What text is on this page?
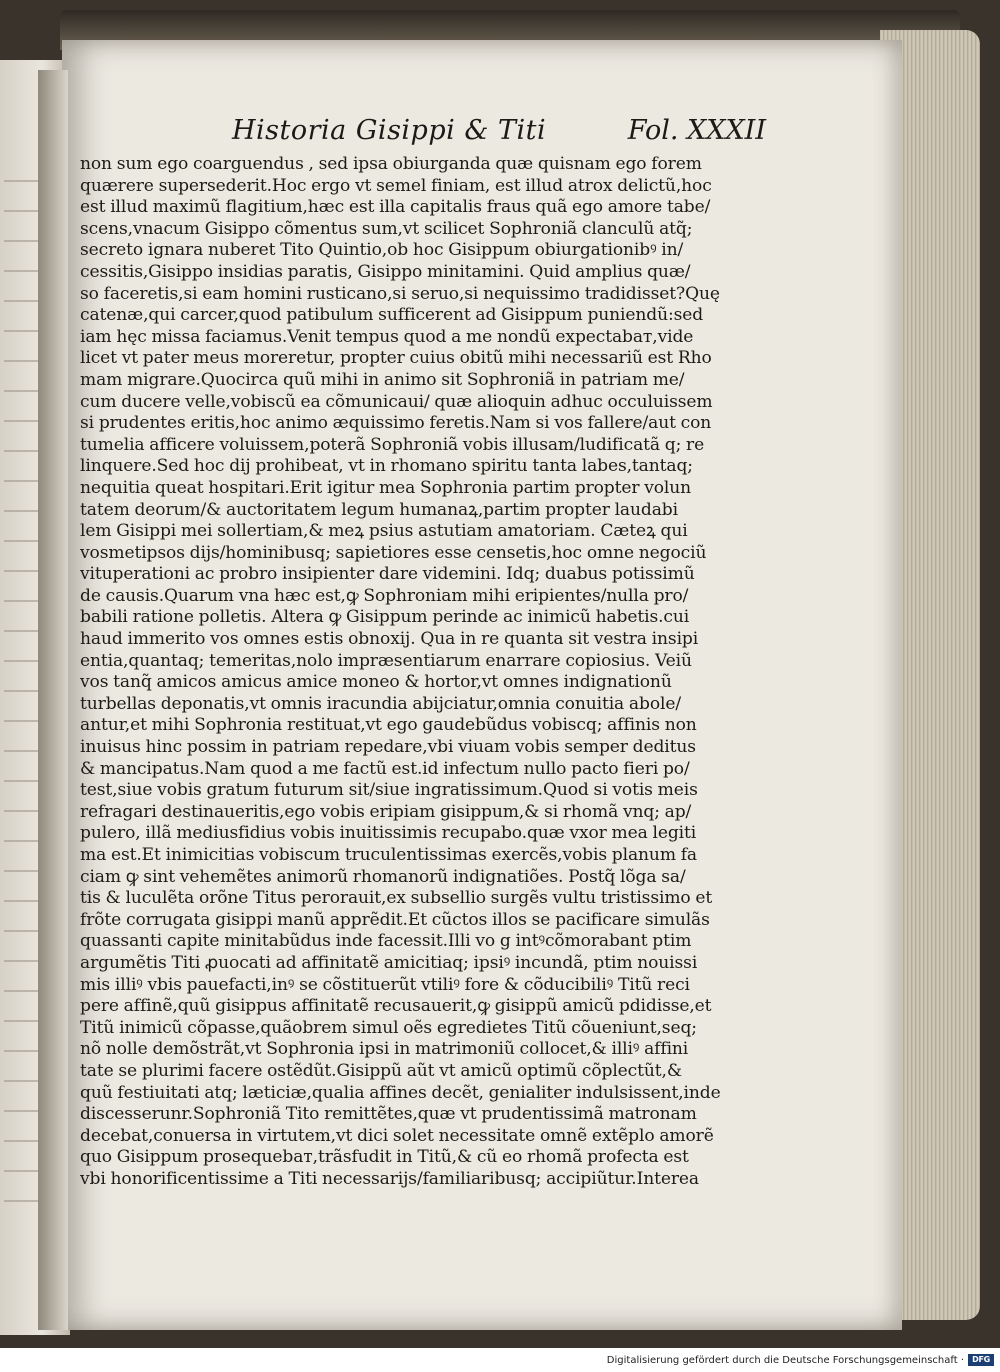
Historia Gisippi & Titi	Fol. XXXII
non sum ego coarguendus , sed ipsa obiurganda quæ quisnam ego forem
quærere supersederit.Hoc ergo vt semel finiam, est illud atrox delictũ,hoc
est illud maximũ flagitium,hæc est illa capitalis fraus quã ego amore tabe/
scens,vnacum Gisippo cõmentus sum,vt scilicet Sophroniã clanculũ atq̃;
secreto ignara nuberet Tito Quintio,ob hoc Gisippum obiurgationibꝰ in/
cessitis,Gisippo insidias paratis, Gisippo minitamini. Quid amplius quæ/
so faceretis,si eam homini rusticano,si seruo,si nequissimo tradidisset?Quę
catenæ,qui carcer,quod patibulum sufficerent ad Gisippum puniendũ:sed
iam hęc missa faciamus.Venit tempus quod a me nondũ expectabaт,vide
licet vt pater meus moreretur, propter cuius obitũ mihi necessariũ est Rho
mam migrare.Quocirca quũ mihi in animo sit Sophroniã in patriam me/
cum ducere velle,vobiscũ ea cõmunicaui/ quæ alioquin adhuc occuluissem
si prudentes eritis,hoc animo æquissimo feretis.Nam si vos fallere/aut con
tumelia afficere voluissem,poterã Sophroniã vobis illusam/ludificatã q; re
linquere.Sed hoc dij prohibeat, vt in rhomano spiritu tanta labes,tantaq;
nequitia queat hospitari.Erit igitur mea Sophronia partim propter volun
tatem deorum/& auctoritatem legum humanaꝝ,partim propter laudabi
lem Gisippi mei sollertiam,& meꝝ psius astutiam amatoriam. Cæteꝝ qui
vosmetipsos dijs/hominibusq; sapietiores esse censetis,hoc omne negociũ
vituperationi ac probro insipienter dare videmini. Idq; duabus potissimũ
de causis.Quarum vna hæc est,ꝙ Sophroniam mihi eripientes/nulla pro/
babili ratione polletis. Altera ꝙ Gisippum perinde ac inimicũ habetis.cui
haud immerito vos omnes estis obnoxij. Qua in re quanta sit vestra insipi
entia,quantaq; temeritas,nolo impræsentiarum enarrare copiosius. Veiũ
vos tanq̃ amicos amicus amice moneo & hortor,vt omnes indignationũ
turbellas deponatis,vt omnis iracundia abijciatur,omnia conuitia abole/
antur,et mihi Sophronia restituat,vt ego gaudebũdus vobiscq; affinis non
inuisus hinc possim in patriam repedare,vbi viuam vobis semper deditus
& mancipatus.Nam quod a me factũ est.id infectum nullo pacto fieri po/
test,siue vobis gratum futurum sit/siue ingratissimum.Quod si votis meis
refragari destinaueritis,ego vobis eripiam gisippum,& si rhomã vnq; ap/
pulero, illã mediusfidius vobis inuitissimis recupabo.quæ vxor mea legiti
ma est.Et inimicitias vobiscum truculentissimas exercẽs,vobis planum fa
ciam ꝙ sint vehemẽtes animorũ rhomanorũ indignatiões. Postq̃ lõga sa/
tis & luculẽta orõne Titus perorauit,ex subsellio surgẽs vultu tristissimo et
frõte corrugata gisippi manũ apprẽdit.Et cũctos illos se pacificare simulãs
quassanti capite minitabũdus inde facessit.Illi vo g intꝰcõmorabant ptim
argumẽtis Titi ꝓuocati ad affinitatẽ amicitiaq; ipsiꝰ incundã, ptim nouissi
mis illiꝰ vbis pauefacti,inꝰ se cõstituerũt vtiliꝰ fore & cõducibiliꝰ Titũ reci
pere affinẽ,quũ gisippus affinitatẽ recusauerit,ꝙ gisippũ amicũ pdidisse,et
Titũ inimicũ cõpasse,quãobrem simul oẽs egredietes Titũ cõueniunt,seq;
nõ nolle demõstrãt,vt Sophronia ipsi in matrimoniũ collocet,& illiꝰ affini
tate se plurimi facere ostẽdũt.Gisippũ aũt vt amicũ optimũ cõplectũt,&
quũ festiuitati atq; læticiæ,qualia affines decẽt, genialiter indulsissent,inde
discesserunr.Sophroniã Tito remittẽtes,quæ vt prudentissimã matronam
decebat,conuersa in virtutem,vt dici solet necessitate omnẽ extẽplo amorẽ
quo Gisippum prosequebaт,trãsfudit in Titũ,& cũ eo rhomã profecta est
vbi honorificentissime a Titi necessarijs/familiaribusq; accipiũtur.Interea
Digitalisierung gefördert durch die Deutsche Forschungsgemeinschaft ·	DFG
